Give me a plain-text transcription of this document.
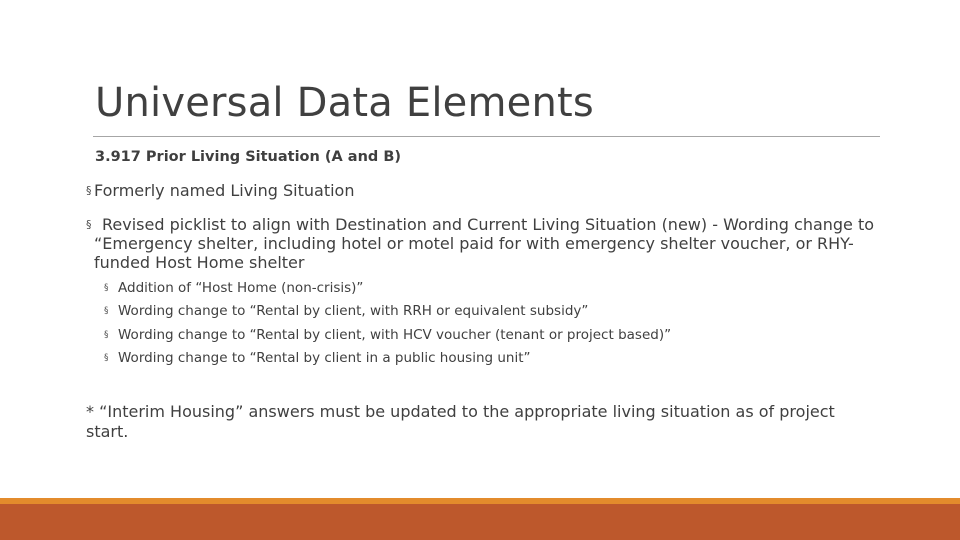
Universal Data Elements
3.917 Prior Living Situation (A and B)
§ Formerly named Living Situation
§ Revised picklist to align with Destination and Current Living Situation (new) - Wording change to “Emergency shelter, including hotel or motel paid for with emergency shelter voucher, or RHY-funded Host Home shelter
§ Addition of “Host Home (non-crisis)”
§ Wording change to “Rental by client, with RRH or equivalent subsidy”
§ Wording change to “Rental by client, with HCV voucher (tenant or project based)”
§ Wording change to “Rental by client in a public housing unit”
* “Interim Housing” answers must be updated to the appropriate living situation as of project start.
